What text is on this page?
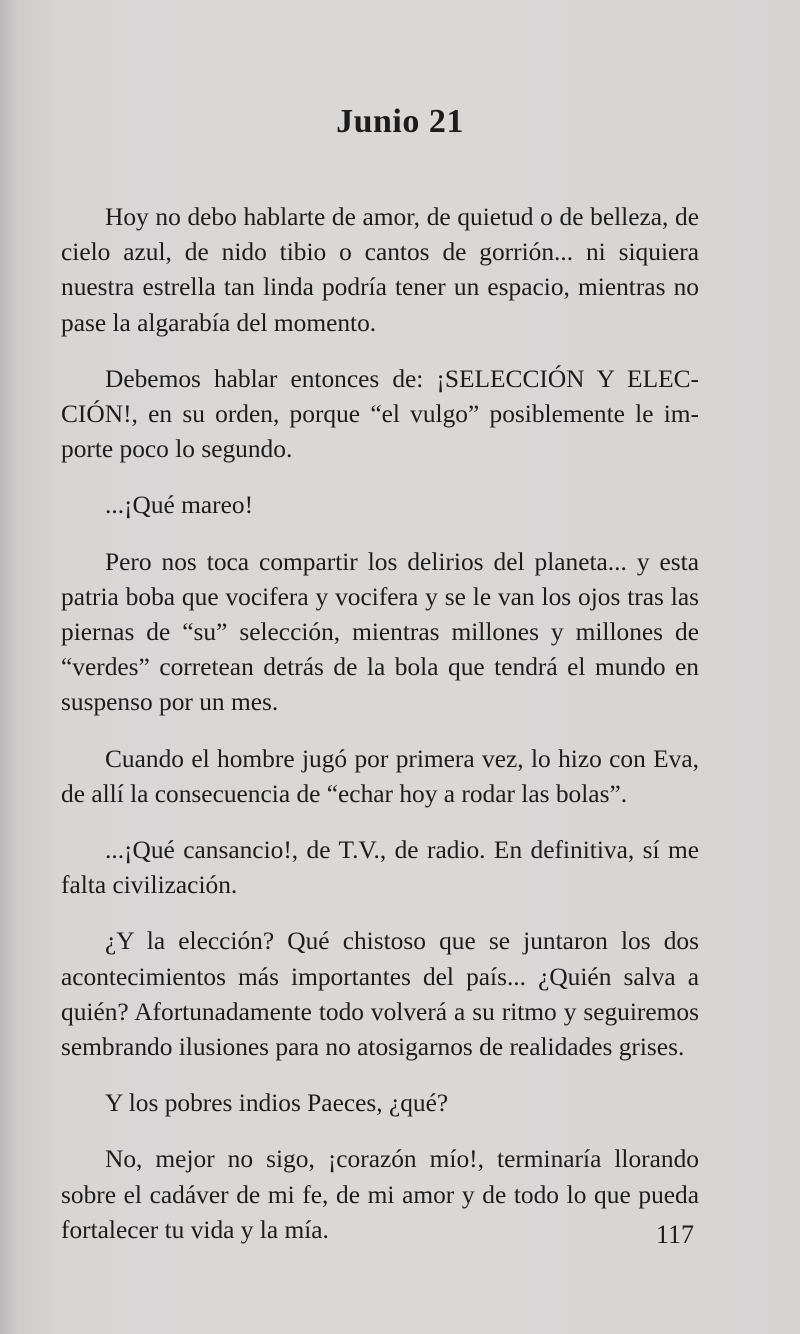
Junio 21

Hoy no debo hablarte de amor, de quietud o de belleza, de cielo azul, de nido tibio o cantos de gorrión... ni siquiera nuestra estrella tan linda podría tener un espacio, mientras no pase la algarabía del momento.

Debemos hablar entonces de: ¡SELECCIÓN Y ELECCIÓN!, en su orden, porque “el vulgo” posiblemente le importe poco lo segundo.

...¡Qué mareo!

Pero nos toca compartir los delirios del planeta... y esta patria boba que vocifera y vocifera y se le van los ojos tras las piernas de “su” selección, mientras millones y millones de “verdes” corretean detrás de la bola que tendrá el mundo en suspenso por un mes.

Cuando el hombre jugó por primera vez, lo hizo con Eva, de allí la consecuencia de “echar hoy a rodar las bolas”.

...¡Qué cansancio!, de T.V., de radio. En definitiva, sí me falta civilización.

¿Y la elección? Qué chistoso que se juntaron los dos acontecimientos más importantes del país... ¿Quién salva a quién? Afortunadamente todo volverá a su ritmo y seguiremos sembrando ilusiones para no atosigarnos de realidades grises.

Y los pobres indios Paeces, ¿qué?

No, mejor no sigo, ¡corazón mío!, terminaría llorando sobre el cadáver de mi fe, de mi amor y de todo lo que pueda fortalecer tu vida y la mía.	117
